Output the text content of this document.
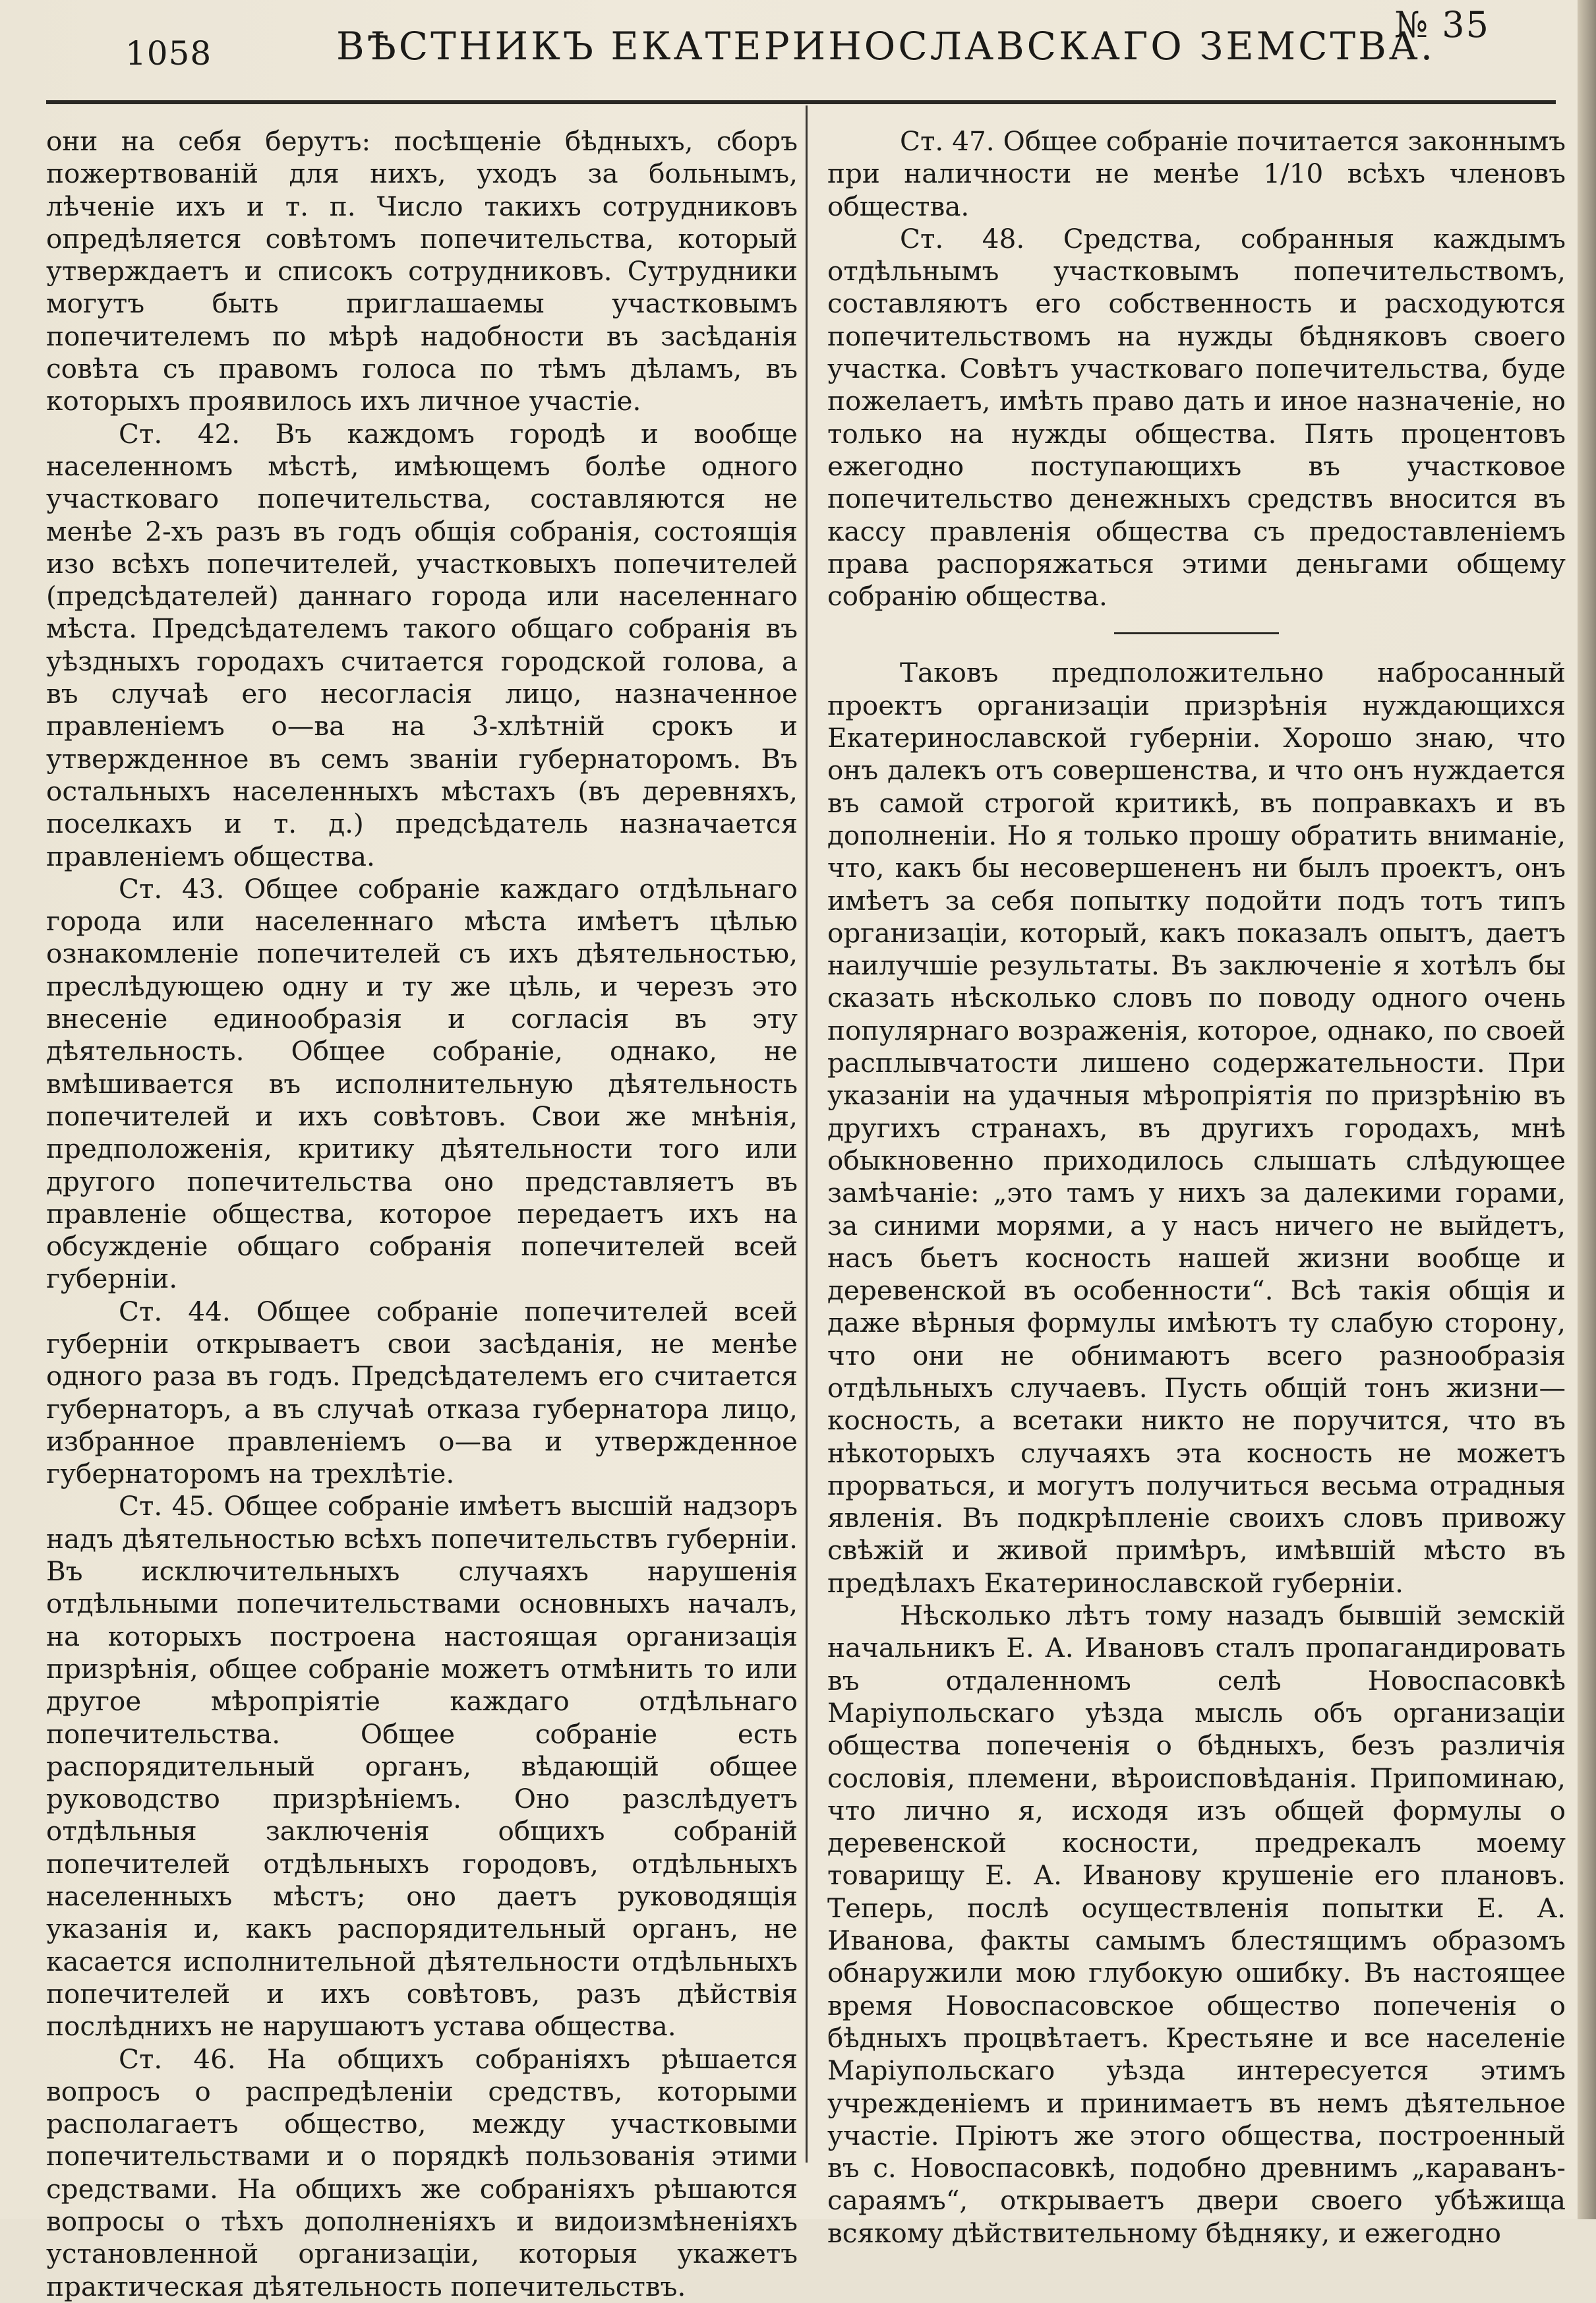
1058	ВѢСТНИКЪ ЕКАТЕРИНОСЛАВСКАГО ЗЕМСТВА.
№ 35

они на себя берутъ: посѣщеніе бѣдныхъ, сборъ пожертвованій для нихъ, уходъ за больнымъ, лѣченіе ихъ и т. п. Число такихъ сотрудниковъ опредѣляется совѣтомъ попечительства, который утверждаетъ и списокъ сотрудниковъ. Сутрудники могутъ быть приглашаемы участковымъ попечителемъ по мѣрѣ надобности въ засѣданія совѣта съ правомъ голоса по тѣмъ дѣламъ, въ которыхъ проявилось ихъ личное участіе.

Ст. 42. Въ каждомъ городѣ и вообще населенномъ мѣстѣ, имѣющемъ болѣе одного участковаго попечительства, составляются не менѣе 2-хъ разъ въ годъ общія собранія, состоящія изо всѣхъ попечителей, участковыхъ попечителей (предсѣдателей) даннаго города или населеннаго мѣста. Предсѣдателемъ такого общаго собранія въ уѣздныхъ городахъ считается городской голова, а въ случаѣ его несогласія лицо, назначенное правленіемъ о—ва на 3-хлѣтній срокъ и утвержденное въ семъ званіи губернаторомъ. Въ остальныхъ населенныхъ мѣстахъ (въ деревняхъ, поселкахъ и т. д.) предсѣдатель назначается правленіемъ общества.

Ст. 43. Общее собраніе каждаго отдѣльнаго города или населеннаго мѣста имѣетъ цѣлью ознакомленіе попечителей съ ихъ дѣятельностью, преслѣдующею одну и ту же цѣль, и черезъ это внесеніе единообразія и согласія въ эту дѣятельность. Общее собраніе, однако, не вмѣшивается въ исполнительную дѣятельность попечителей и ихъ совѣтовъ. Свои же мнѣнія, предположенія, критику дѣятельности того или другого попечительства оно представляетъ въ правленіе общества, которое передаетъ ихъ на обсужденіе общаго собранія попечителей всей губерніи.

Ст. 44. Общее собраніе попечителей всей губерніи открываетъ свои засѣданія, не менѣе одного раза въ годъ. Предсѣдателемъ его считается губернаторъ, а въ случаѣ отказа губернатора лицо, избранное правленіемъ о—ва и утвержденное губернаторомъ на трехлѣтіе.

Ст. 45. Общее собраніе имѣетъ высшій надзоръ надъ дѣятельностью всѣхъ попечительствъ губерніи. Въ исключительныхъ случаяхъ нарушенія отдѣльными попечительствами основныхъ началъ, на которыхъ построена настоящая организація призрѣнія, общее собраніе можетъ отмѣнить то или другое мѣропріятіе каждаго отдѣльнаго попечительства. Общее собраніе есть распорядительный органъ, вѣдающій общее руководство призрѣніемъ. Оно разслѣдуетъ отдѣльныя заключенія общихъ собраній попечителей отдѣльныхъ городовъ, отдѣльныхъ населенныхъ мѣстъ; оно даетъ руководящія указанія и, какъ распорядительный органъ, не касается исполнительной дѣятельности отдѣльныхъ попечителей и ихъ совѣтовъ, разъ дѣйствія послѣднихъ не нарушаютъ устава общества.

Ст. 46. На общихъ собраніяхъ рѣшается вопросъ о распредѣленіи средствъ, которыми располагаетъ общество, между участковыми попечительствами и о порядкѣ пользованія этими средствами. На общихъ же собраніяхъ рѣшаются вопросы о тѣхъ дополненіяхъ и видоизмѣненіяхъ установленной организаціи, которыя укажетъ практическая дѣятельность попечительствъ.

Ст. 47. Общее собраніе почитается законнымъ при наличности не менѣе 1/10 всѣхъ членовъ общества.

Ст. 48. Средства, собранныя каждымъ отдѣльнымъ участковымъ попечительствомъ, составляютъ его собственность и расходуются попечительствомъ на нужды бѣдняковъ своего участка. Совѣтъ участковаго попечительства, буде пожелаетъ, имѣть право дать и иное назначеніе, но только на нужды общества. Пять процентовъ ежегодно поступающихъ въ участковое попечительство денежныхъ средствъ вносится въ кассу правленія общества съ предоставленіемъ права распоряжаться этими деньгами общему собранію общества.

Таковъ предположительно набросанный проектъ организаціи призрѣнія нуждающихся Екатеринославской губерніи. Хорошо знаю, что онъ далекъ отъ совершенства, и что онъ нуждается въ самой строгой критикѣ, въ поправкахъ и въ дополненіи. Но я только прошу обратить вниманіе, что, какъ бы несовершененъ ни былъ проектъ, онъ имѣетъ за себя попытку подойти подъ тотъ типъ организаціи, который, какъ показалъ опытъ, даетъ наилучшіе результаты. Въ заключеніе я хотѣлъ бы сказать нѣсколько словъ по поводу одного очень популярнаго возраженія, которое, однако, по своей расплывчатости лишено содержательности. При указаніи на удачныя мѣропріятія по призрѣнію въ другихъ странахъ, въ другихъ городахъ, мнѣ обыкновенно приходилось слышать слѣдующее замѣчаніе: „это тамъ у нихъ за далекими горами, за синими морями, а у насъ ничего не выйдетъ, насъ бьетъ косность нашей жизни вообще и деревенской въ особенности“. Всѣ такія общія и даже вѣрныя формулы имѣютъ ту слабую сторону, что они не обнимаютъ всего разнообразія отдѣльныхъ случаевъ. Пусть общій тонъ жизни—косность, а всетаки никто не поручится, что въ нѣкоторыхъ случаяхъ эта косность не можетъ прорваться, и могутъ получиться весьма отрадныя явленія. Въ подкрѣпленіе своихъ словъ привожу свѣжій и живой примѣръ, имѣвшій мѣсто въ предѣлахъ Екатеринославской губерніи.

Нѣсколько лѣтъ тому назадъ бывшій земскій начальникъ Е. А. Ивановъ сталъ пропагандировать въ отдаленномъ селѣ Новоспасовкѣ Маріупольскаго уѣзда мысль объ организаціи общества попеченія о бѣдныхъ, безъ различія сословія, племени, вѣроисповѣданія. Припоминаю, что лично я, исходя изъ общей формулы о деревенской косности, предрекалъ моему товарищу Е. А. Иванову крушеніе его плановъ. Теперь, послѣ осуществленія попытки Е. А. Иванова, факты самымъ блестящимъ образомъ обнаружили мою глубокую ошибку. Въ настоящее время Новоспасовское общество попеченія о бѣдныхъ процвѣтаетъ. Крестьяне и все населеніе Маріупольскаго уѣзда интересуется этимъ учрежденіемъ и принимаетъ въ немъ дѣятельное участіе. Пріютъ же этого общества, построенный въ с. Новоспасовкѣ, подобно древнимъ „караванъ-сараямъ“, открываетъ двери своего убѣжища всякому дѣйствительному бѣдняку, и ежегодно
